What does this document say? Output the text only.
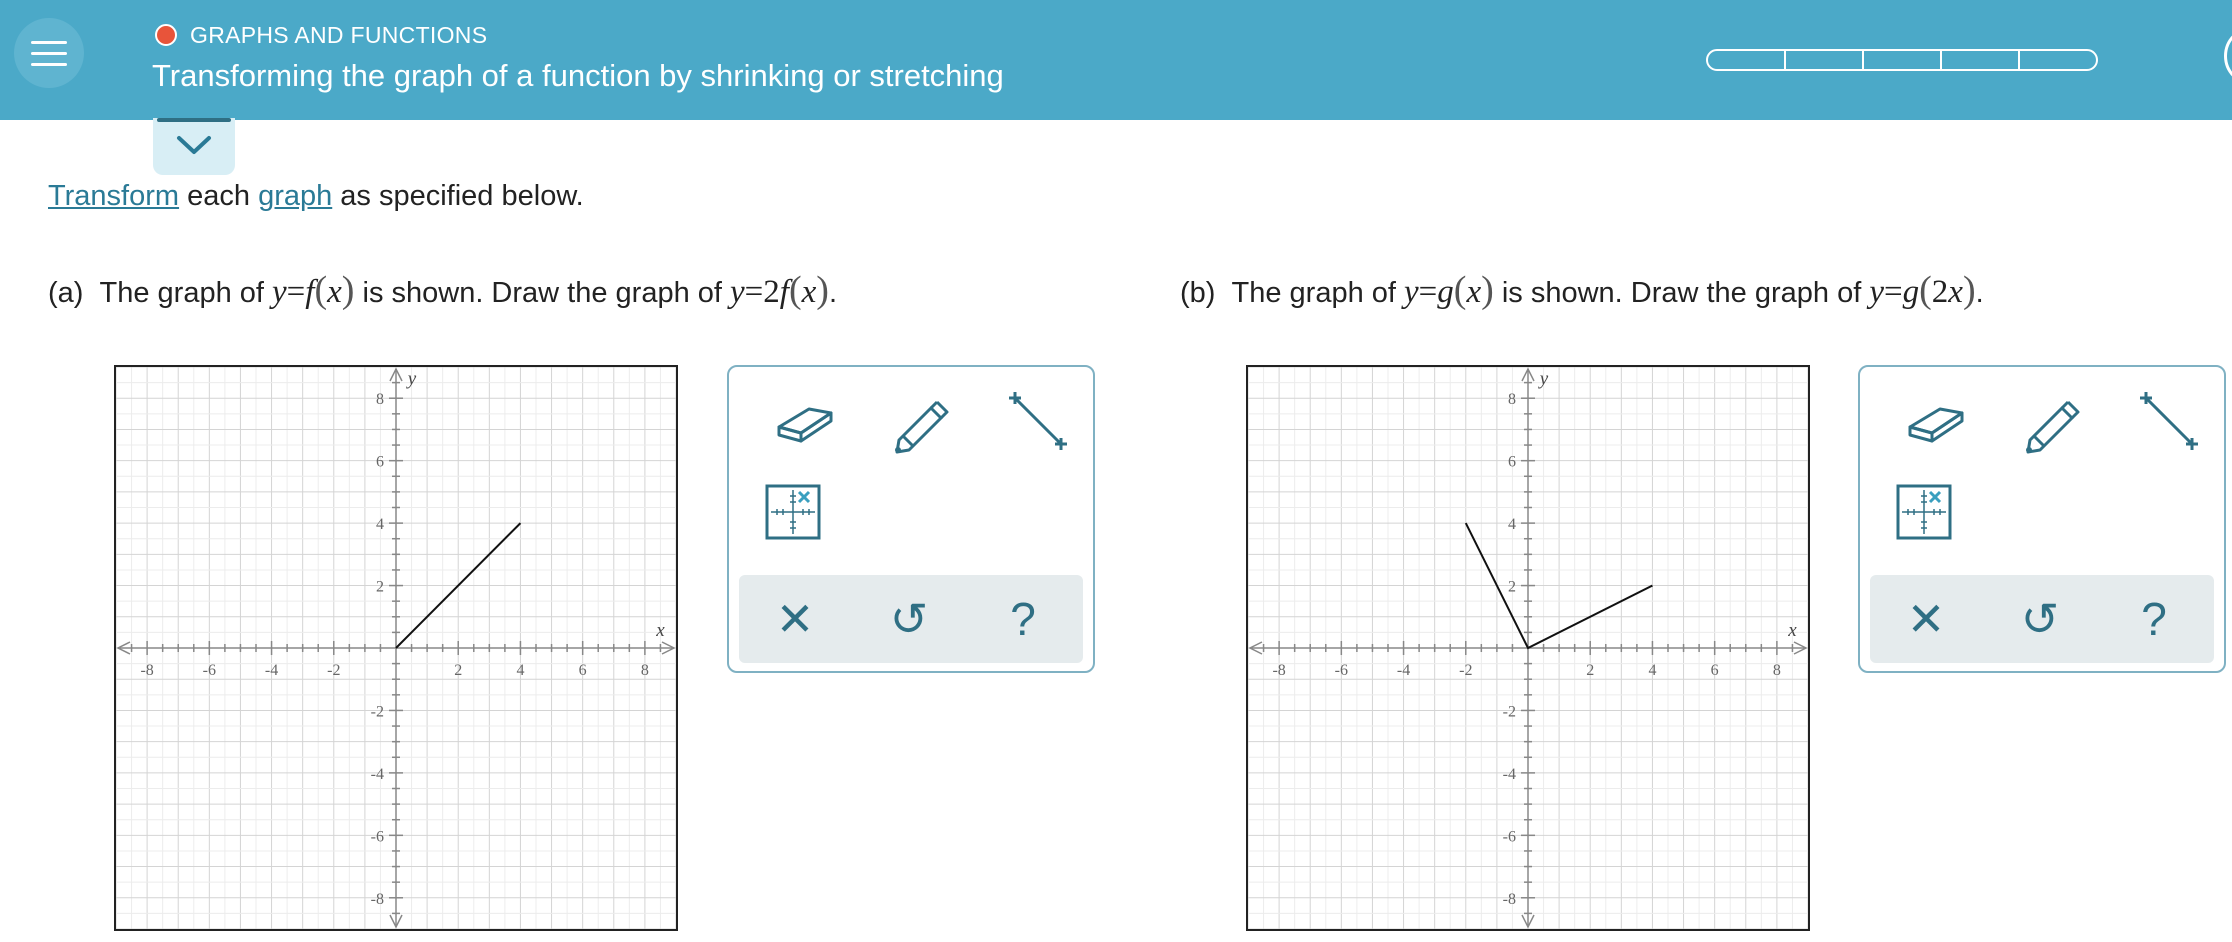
GRAPHS AND FUNCTIONS
Transforming the graph of a function by shrinking or stretching
Transform each graph as specified below.
(a) The graph of y=f(x) is shown. Draw the graph of y=2f(x).	(b) The graph of y=g(x) is shown. Draw the graph of y=g(2x).
-8	-6	-4	-2	2	4	6	8
8
6
4
2
-2
-4
-6
-8
x
y
-8	-6	-4	-2	2	4	6	8
8
6
4
2
-2
-4
-6
-8
x
y
✕	↺	?	✕	↺	?
